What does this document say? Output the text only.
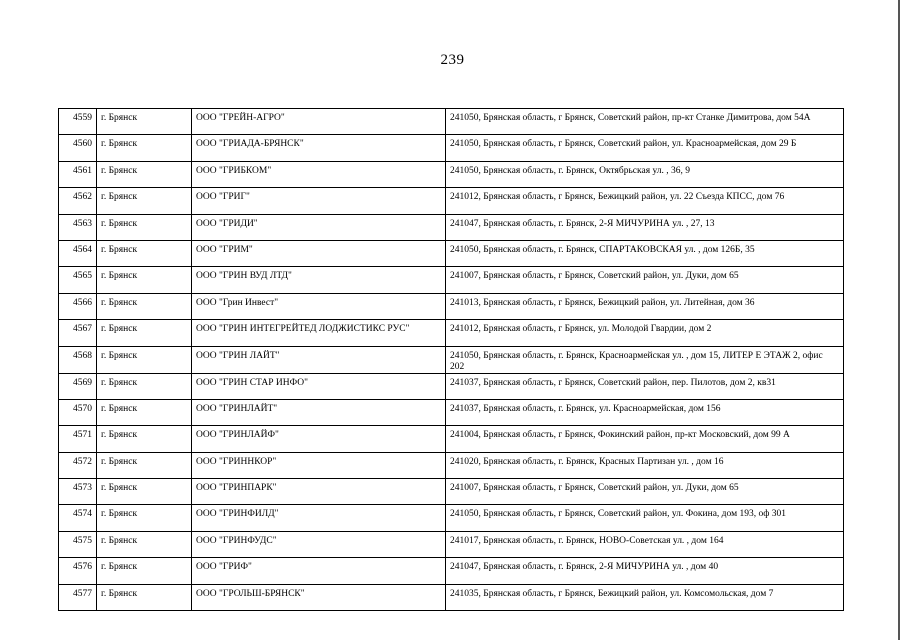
239
4559	г. Брянск	ООО "ГРЕЙН-АГРО"	241050, Брянская область, г Брянск, Советский район, пр-кт Станке Димитрова, дом 54А
4560	г. Брянск	ООО "ГРИАДА-БРЯНСК"	241050, Брянская область, г Брянск, Советский район, ул. Красноармейская, дом 29 Б
4561	г. Брянск	ООО "ГРИБКОМ"	241050, Брянская область, г. Брянск, Октябрьская ул. , 36, 9
4562	г. Брянск	ООО "ГРИГ"	241012, Брянская область, г Брянск, Бежицкий район, ул. 22 Съезда КПСС, дом 76
4563	г. Брянск	ООО "ГРИДИ"	241047, Брянская область, г. Брянск, 2-Я МИЧУРИНА ул. , 27, 13
4564	г. Брянск	ООО "ГРИМ"	241050, Брянская область, г. Брянск, СПАРТАКОВСКАЯ ул. , дом 126Б, 35
4565	г. Брянск	ООО "ГРИН ВУД ЛТД"	241007, Брянская область, г Брянск, Советский район, ул. Дуки, дом 65
4566	г. Брянск	ООО "Грин Инвест"	241013, Брянская область, г Брянск, Бежицкий район, ул. Литейная, дом 36
4567	г. Брянск	ООО "ГРИН ИНТЕГРЕЙТЕД ЛОДЖИСТИКС РУС"	241012, Брянская область, г Брянск, ул. Молодой Гвардии, дом 2
4568	г. Брянск	ООО "ГРИН ЛАЙТ"	241050, Брянская область, г. Брянск, Красноармейская ул. , дом 15, ЛИТЕР Е ЭТАЖ 2, офис 202
4569	г. Брянск	ООО "ГРИН СТАР ИНФО"	241037, Брянская область, г Брянск, Советский район, пер. Пилотов, дом 2, кв31
4570	г. Брянск	ООО "ГРИНЛАЙТ"	241037, Брянская область, г. Брянск, ул. Красноармейская, дом 156
4571	г. Брянск	ООО "ГРИНЛАЙФ"	241004, Брянская область, г Брянск, Фокинский район, пр-кт Московский, дом 99 А
4572	г. Брянск	ООО "ГРИННКОР"	241020, Брянская область, г. Брянск, Красных Партизан ул. , дом 16
4573	г. Брянск	ООО "ГРИНПАРК"	241007, Брянская область, г Брянск, Советский район, ул. Дуки, дом 65
4574	г. Брянск	ООО "ГРИНФИЛД"	241050, Брянская область, г Брянск, Советский район, ул. Фокина, дом 193, оф 301
4575	г. Брянск	ООО "ГРИНФУДС"	241017, Брянская область, г. Брянск, НОВО-Советская ул. , дом 164
4576	г. Брянск	ООО "ГРИФ"	241047, Брянская область, г. Брянск, 2-Я МИЧУРИНА ул. , дом 40
4577	г. Брянск	ООО "ГРОЛЬШ-БРЯНСК"	241035, Брянская область, г Брянск, Бежицкий район, ул. Комсомольская, дом 7
